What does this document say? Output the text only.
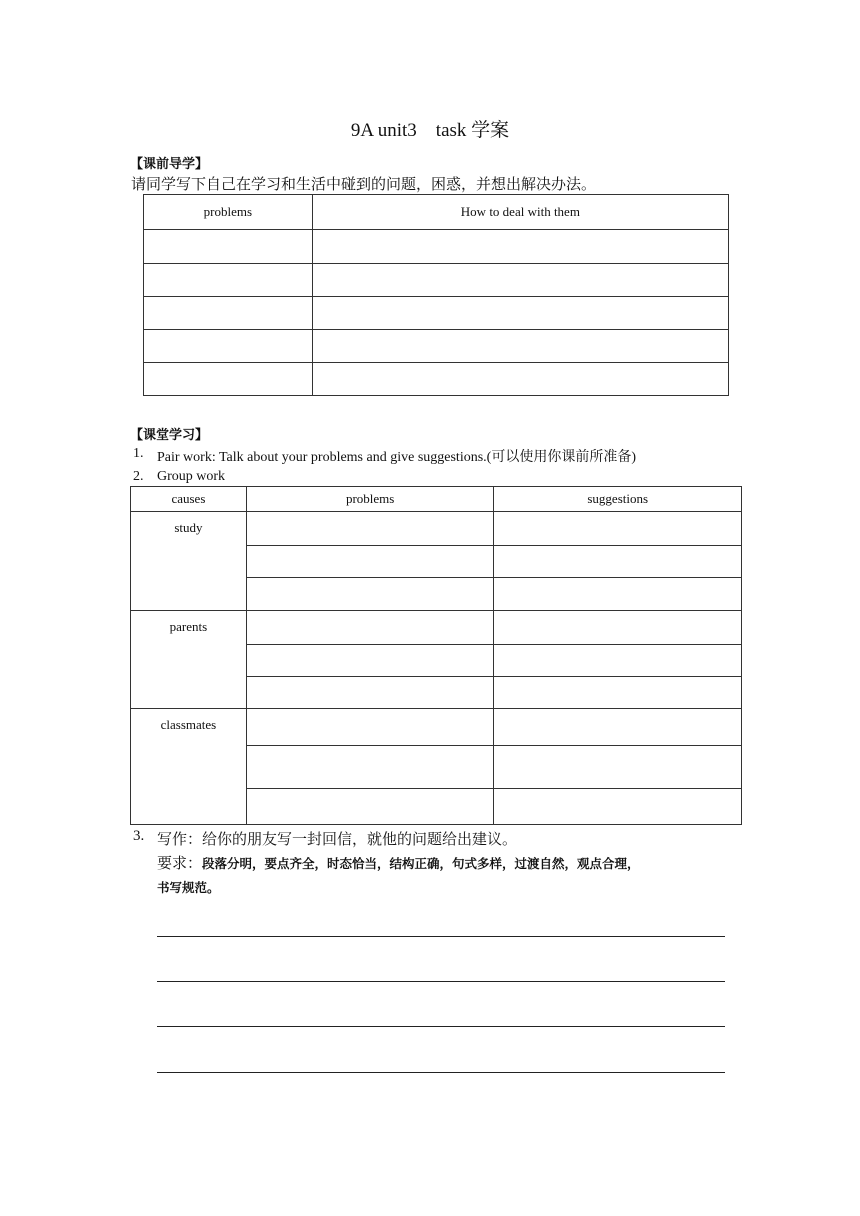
9A unit3　task 学案
【课前导学】
请同学写下自己在学习和生活中碰到的问题，困惑，并想出解决办法。
problems	How to deal with them

【课堂学习】
1. Pair work: Talk about your problems and give suggestions.(可以使用你课前所准备)
2. Group work
causes	problems	suggestions
study		

parents		

classmates		

3. 写作：给你的朋友写一封回信，就他的问题给出建议。
要求：段落分明，要点齐全，时态恰当，结构正确，句式多样，过渡自然，观点合理，
书写规范。
